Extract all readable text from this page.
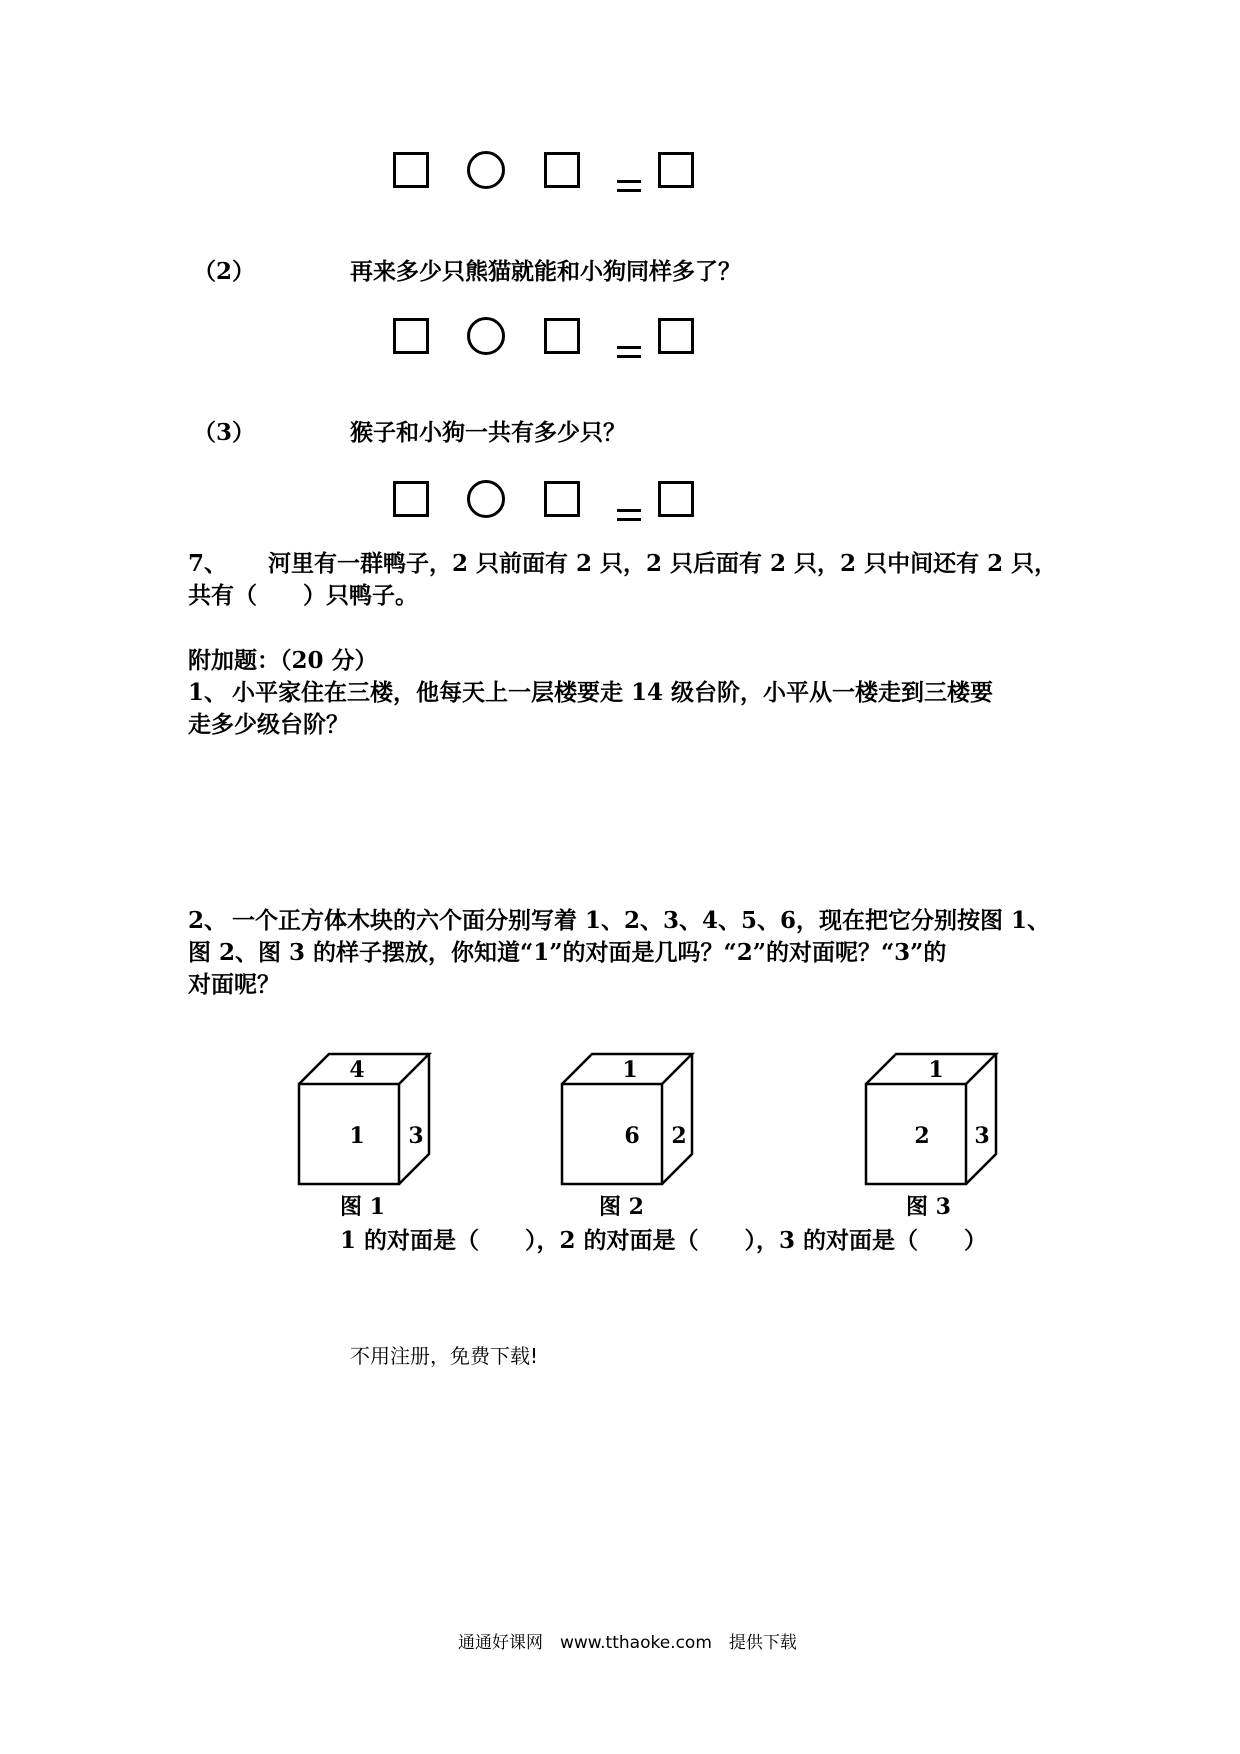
（2）	再来多少只熊猫就能和小狗同样多了？
（3）	猴子和小狗一共有多少只？
7、 河里有一群鸭子，2 只前面有 2 只，2 只后面有 2 只，2 只中间还有 2 只，
共有（　　）只鸭子。
附加题：（20 分）
1、 小平家住在三楼，他每天上一层楼要走 14 级台阶，小平从一楼走到三楼要
走多少级台阶？
2、 一个正方体木块的六个面分别写着 1、2、3、4、5、6，现在把它分别按图 1、
图 2、图 3 的样子摆放，你知道“1”的对面是几吗？“2”的对面呢？“3”的
对面呢？
4
1 3
图 1
1
6 2
图 2
1
2 3
图 3
1 的对面是（　　），2 的对面是（　　），3 的对面是（　　）
不用注册，免费下载!
通通好课网　www.tthaoke.com　提供下载
